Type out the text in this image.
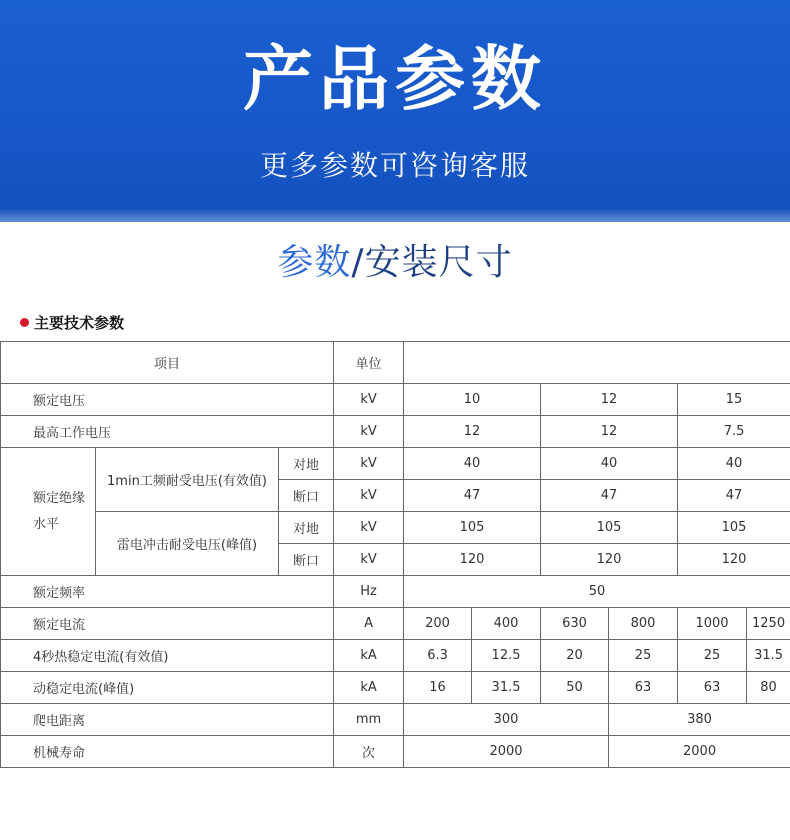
产品参数
更多参数可咨询客服
参数/安装尺寸
主要技术参数
项目			单位						
额定电压			kV	10		12		15	
最高工作电压			kV	12		12		7.5	
额定绝缘水平	1min工频耐受电压(有效值)	对地	kV	40		40		40	
		断口	kV	47		47		47	
	雷电冲击耐受电压(峰值)	对地	kV	105		105		105	
		断口	kV	120		120		120	
额定频率			Hz	50					
额定电流			A	200	400	630	800	1000	1250
4秒热稳定电流(有效值)			kA	6.3	12.5	20	25	25	31.5
动稳定电流(峰值)			kA	16	31.5	50	63	63	80
爬电距离			mm	300			380		
机械寿命			次	2000			2000		
